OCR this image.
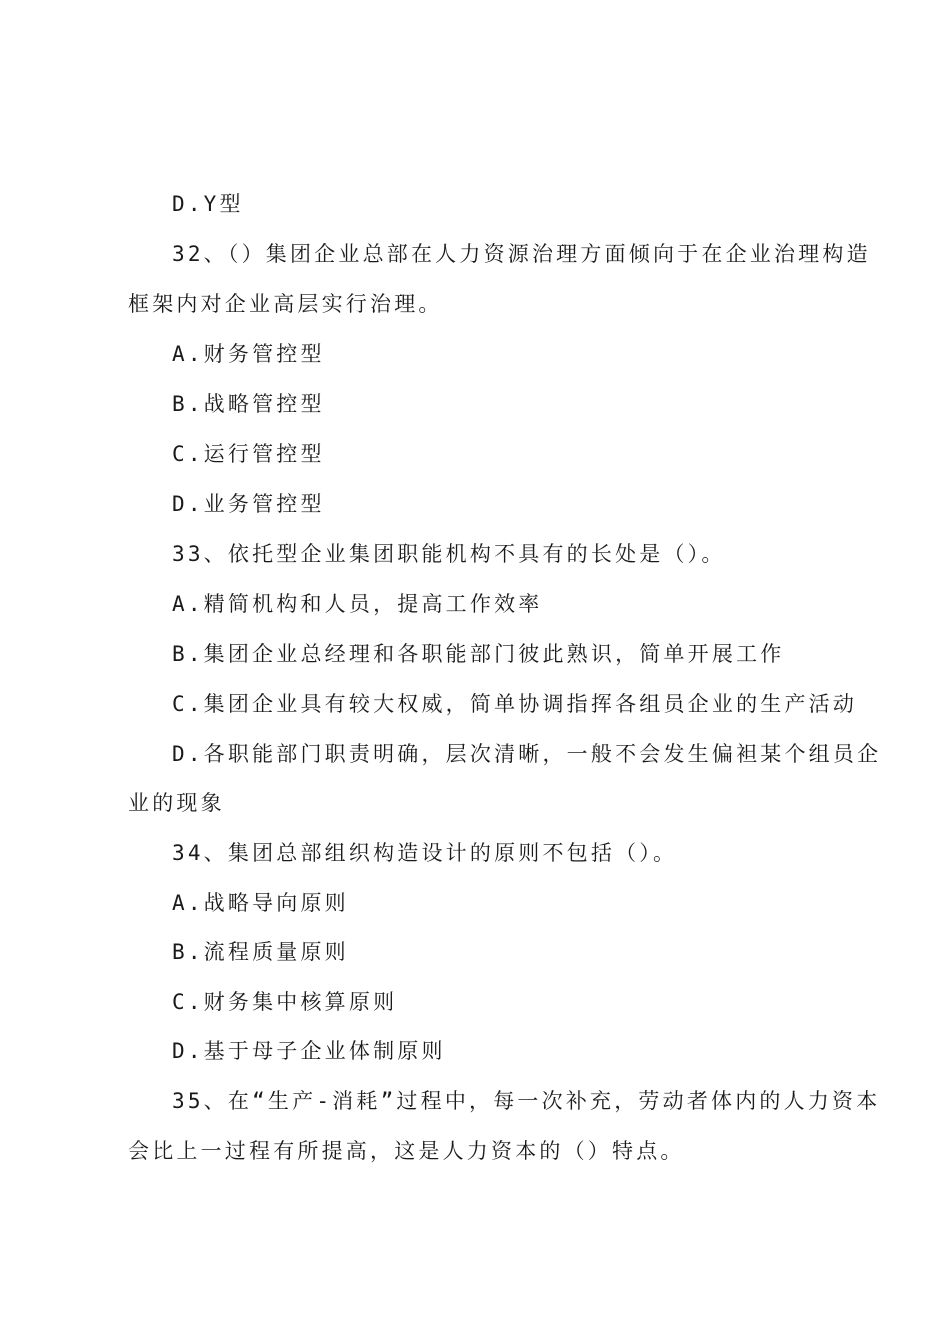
D.Y型
32、（）集团企业总部在人力资源治理方面倾向于在企业治理构造
框架内对企业高层实行治理。
A.财务管控型
B.战略管控型
C.运行管控型
D.业务管控型
33、依托型企业集团职能机构不具有的长处是（）。
A.精简机构和人员，提高工作效率
B.集团企业总经理和各职能部门彼此熟识，简单开展工作
C.集团企业具有较大权威，简单协调指挥各组员企业的生产活动
D.各职能部门职责明确，层次清晰，一般不会发生偏袒某个组员企
业的现象
34、集团总部组织构造设计的原则不包括（）。
A.战略导向原则
B.流程质量原则
C.财务集中核算原则
D.基于母子企业体制原则
35、在“生产-消耗”过程中，每一次补充，劳动者体内的人力资本
会比上一过程有所提高，这是人力资本的（）特点。
